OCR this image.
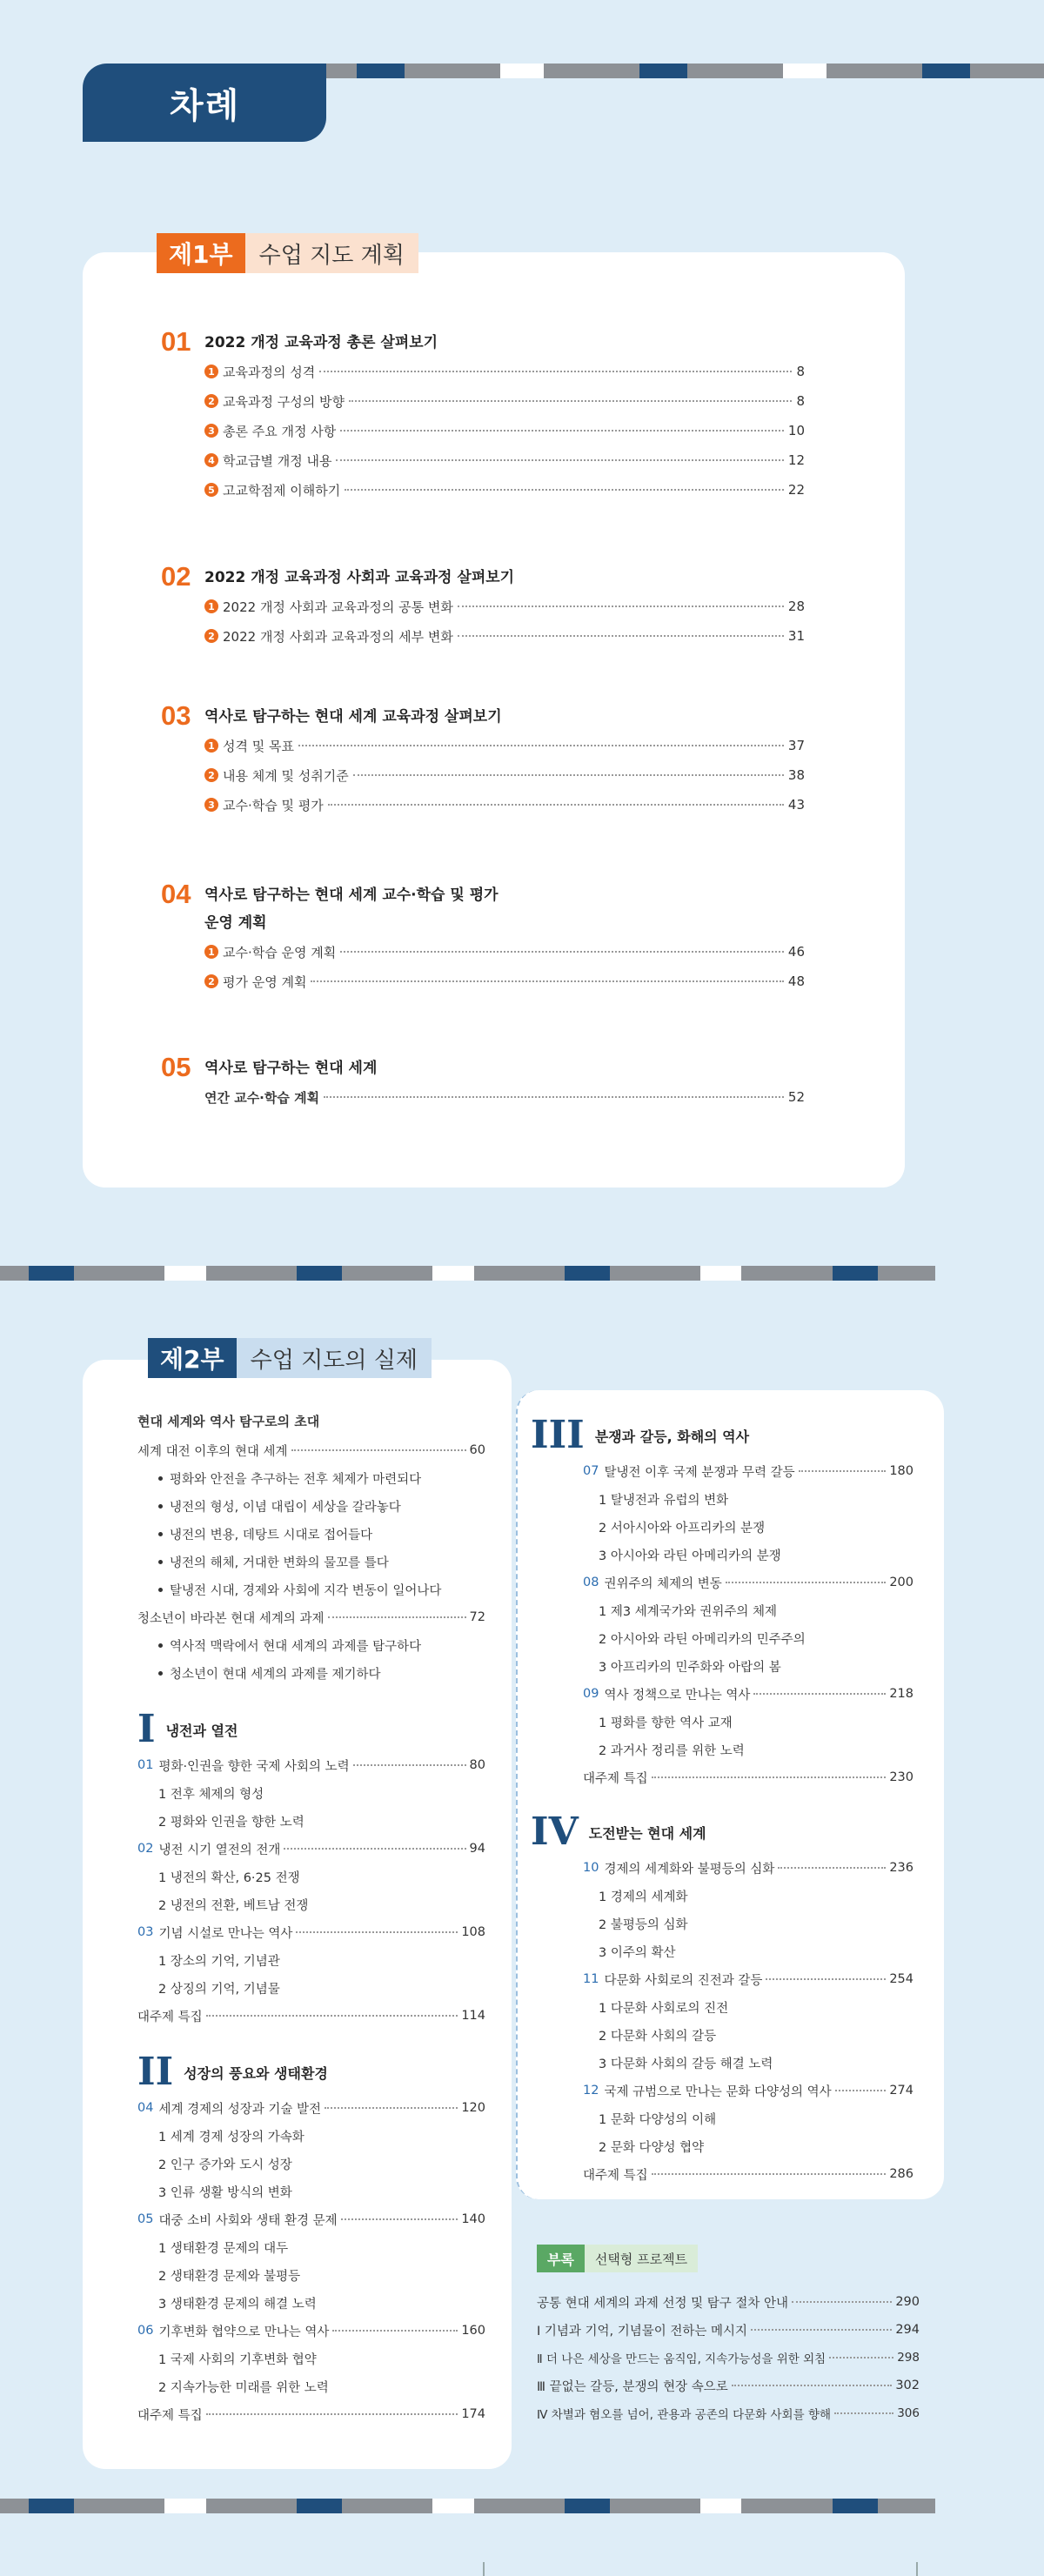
차례
제1부	수업 지도 계획
01 2022 개정 교육과정 총론 살펴보기
1 교육과정의 성격	8
2 교육과정 구성의 방향	8
3 총론 주요 개정 사항	10
4 학교급별 개정 내용	12
5 고교학점제 이해하기	22
02 2022 개정 교육과정 사회과 교육과정 살펴보기
1 2022 개정 사회과 교육과정의 공통 변화	28
2 2022 개정 사회과 교육과정의 세부 변화	31
03 역사로 탐구하는 현대 세계 교육과정 살펴보기
1 성격 및 목표	37
2 내용 체계 및 성취기준	38
3 교수·학습 및 평가	43
04 역사로 탐구하는 현대 세계 교수·학습 및 평가
운영 계획
1 교수·학습 운영 계획	46
2 평가 운영 계획	48
05 역사로 탐구하는 현대 세계
연간 교수·학습 계획	52
제2부	수업 지도의 실제
현대 세계와 역사 탐구로의 초대
세계 대전 이후의 현대 세계	60
평화와 안전을 추구하는 전후 체제가 마련되다
냉전의 형성, 이념 대립이 세상을 갈라놓다
냉전의 변용, 데탕트 시대로 접어들다
냉전의 해체, 거대한 변화의 물꼬를 틀다
탈냉전 시대, 경제와 사회에 지각 변동이 일어나다
청소년이 바라본 현대 세계의 과제	72
역사적 맥락에서 현대 세계의 과제를 탐구하다
청소년이 현대 세계의 과제를 제기하다
I 냉전과 열전
01 평화·인권을 향한 국제 사회의 노력	80
1 전후 체제의 형성
2 평화와 인권을 향한 노력
02 냉전 시기 열전의 전개	94
1 냉전의 확산, 6·25 전쟁
2 냉전의 전환, 베트남 전쟁
03 기념 시설로 만나는 역사	108
1 장소의 기억, 기념관
2 상징의 기억, 기념물
대주제 특집	114
II 성장의 풍요와 생태환경
04 세계 경제의 성장과 기술 발전	120
1 세계 경제 성장의 가속화
2 인구 증가와 도시 성장
3 인류 생활 방식의 변화
05 대중 소비 사회와 생태 환경 문제	140
1 생태환경 문제의 대두
2 생태환경 문제와 불평등
3 생태환경 문제의 해결 노력
06 기후변화 협약으로 만나는 역사	160
1 국제 사회의 기후변화 협약
2 지속가능한 미래를 위한 노력
대주제 특집	174
III 분쟁과 갈등, 화해의 역사
07 탈냉전 이후 국제 분쟁과 무력 갈등	180
1 탈냉전과 유럽의 변화
2 서아시아와 아프리카의 분쟁
3 아시아와 라틴 아메리카의 분쟁
08 권위주의 체제의 변동	200
1 제3 세계국가와 권위주의 체제
2 아시아와 라틴 아메리카의 민주주의
3 아프리카의 민주화와 아랍의 봄
09 역사 정책으로 만나는 역사	218
1 평화를 향한 역사 교재
2 과거사 정리를 위한 노력
대주제 특집	230
IV 도전받는 현대 세계
10 경제의 세계화와 불평등의 심화	236
1 경제의 세계화
2 불평등의 심화
3 이주의 확산
11 다문화 사회로의 진전과 갈등	254
1 다문화 사회로의 진전
2 다문화 사회의 갈등
3 다문화 사회의 갈등 해결 노력
12 국제 규범으로 만나는 문화 다양성의 역사	274
1 문화 다양성의 이해
2 문화 다양성 협약
대주제 특집	286
부록	선택형 프로젝트
공통 현대 세계의 과제 선정 및 탐구 절차 안내	290
Ⅰ 기념과 기억, 기념물이 전하는 메시지	294
Ⅱ 더 나은 세상을 만드는 움직임, 지속가능성을 위한 외침	298
Ⅲ 끝없는 갈등, 분쟁의 현장 속으로	302
Ⅳ 차별과 혐오를 넘어, 관용과 공존의 다문화 사회를 향해	306
